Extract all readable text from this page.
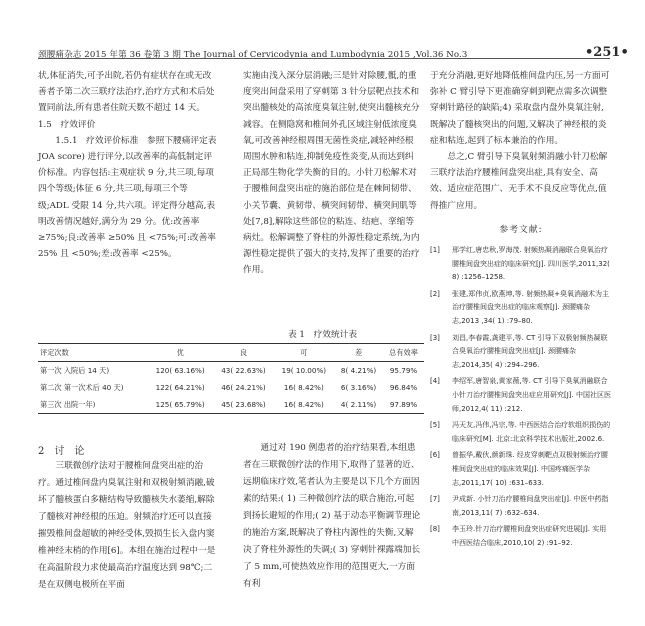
颈腰痛杂志 2015 年第 36 卷第 3 期 The Journal of Cervicodynia and Lumbodynia 2015 ,Vol.36 No.3	•251•

状,体征消失,可予出院,若仍有症状存在或无改善者予第二次三联疗法治疗,治疗方式和术后处置同前法,所有患者住院天数不超过 14 天。

1.5　疗效评价

1.5.1　疗效评价标准　参照下腰痛评定表 JOA score) 进行评分,以改善率的高低制定评价标准。内容包括:主观症状 9 分,共三项,每项四个等级;体征 6 分,共三项,每项三个等级;ADL 受限 14 分,共六项。评定得分越高,表明改善情况越好,满分为 29 分。优:改善率 ≥75%;良:改善率 ≥50% 且 <75%;可:改善率 25% 且 <50%;差:改善率 <25%。

实施由浅入深分层消融;三是针对除腰,骶,的重度突出间盘采用了穿刺第 3 针分层靶点技术和突出髓核处的高浓度臭氧注射,使突出髓核充分减容。在侧隐窝和椎间外孔区域注射低浓度臭氧,可改善神经根周围无菌性炎症,减轻神经根周围水肿和粘连,抑制免疫性炎变,从而达到纠正局部生物化学失衡的目的。小针刀松解术对于腰椎间盘突出症的施治部位是在棘间韧带、小关节囊、黄韧带、横突间韧带、横突间肌等处[7,8],解除这些部位的粘连、结疤、挛缩等病灶。松解调整了脊柱的外源性稳定系统,为内源性稳定提供了强大的支持,发挥了重要的治疗作用。

于充分消融,更好地降低椎间盘内压,另一方面可弥补 C 臂引导下更准确穿刺到靶点需多次调整穿刺针路径的缺陷;4) 采取盘内盘外臭氧注射,既解决了髓核突出的问题,又解决了神经根的炎症和粘连,起到了标本兼治的作用。

总之,C 臂引导下臭氧射频消融小针刀松解三联疗法治疗腰椎间盘突出症,具有安全、高效、适应症范围广、无手术不良反应等优点,值得推广应用。

参考文献:
[1]	邢学红,唐忠秋,罗海茂. 射频热凝消融联合臭氧治疗腰椎间盘突出症的临床研究[J]. 四川医学,2011,32( 8) :1256–1258.
[2]	张建,郑伟贞,欧燕坤,等. 射频热凝+臭氧消融术为主治疗腰椎间盘突出症的临床观察[J]. 颈腰痛杂志,2013 ,34( 1) :79–80.
[3]	刘昌,李春霞,龚建平,等. CT 引导下双极射频热凝联合臭氧治疗腰椎间盘突出症[J]. 颈腰痛杂志,2014,35( 4) :294–296.
[4]	李绍军,唐智泉,黄家薇,等. CT 引导下臭氧消融联合小针刀治疗腰椎间盘突出症应用研究[J]. 中国社区医师,2012,4( 11) :212.
[5]	冯天友,冯伟,冯宗,等. 中西医结合治疗软组织损伤的临床研究[M]. 北京:北京科学技术出版社,2002.6.
[6]	曾振华,戴伙,颜新珠. 经皮穿刺靶点双极射频治疗腰椎间盘突出症的临床效果[J]. 中国疼痛医学杂志,2011,17( 10) :631–633.
[7]	尹成新. 小针刀治疗腰椎间盘突出症[J]. 中医中药指南,2013,11( 7) :632–634.
[8]	李玉玲.针刀治疗腰椎间盘突出症研究进展[J]. 实用中西医结合临床,2010,10( 2) :91–92.
表 1　疗效统计表
评定次数	优	良	可	差	总有效率
第一次 入院后 14 天)	120( 63.16%)	43( 22.63%)	19( 10.00%)	8( 4.21%)	95.79%
第二次 第一次术后 40 天)	122( 64.21%)	46( 24.21%)	16( 8.42%)	6( 3.16%)	96.84%
第三次 出院一年)	125( 65.79%)	45( 23.68%)	16( 8.42%)	4( 2.11%)	97.89%
2　讨　论

三联微创疗法对于腰椎间盘突出症的治疗。通过椎间盘内臭氧注射和双极射频消融,破坏了髓核蛋白多糖结构导致髓核失水萎缩,解除了髓核对神经根的压迫。射频治疗还可以直接摧毁椎间盘超敏的神经受体,毁损生长入盘内窦椎神经末梢的作用[6]。本组在施治过程中一是在高温阶段力求使最高治疗温度达到 98℃;二是在双侧电极所在平面

通过对 190 例患者的治疗结果看,本组患者在三联微创疗法的作用下,取得了显著的近、远期临床疗效,笔者认为主要是以下几个方面因素的结果:( 1) 三种微创疗法的联合施治,可起到扬长避短的作用;( 2) 基于动态平衡调节理论的施治方案,既解决了脊柱内源性的失衡,又解决了脊柱外源性的失调;( 3) 穿刺针裸露端加长了 5 mm,可使热效应作用的范围更大,一方面有利
